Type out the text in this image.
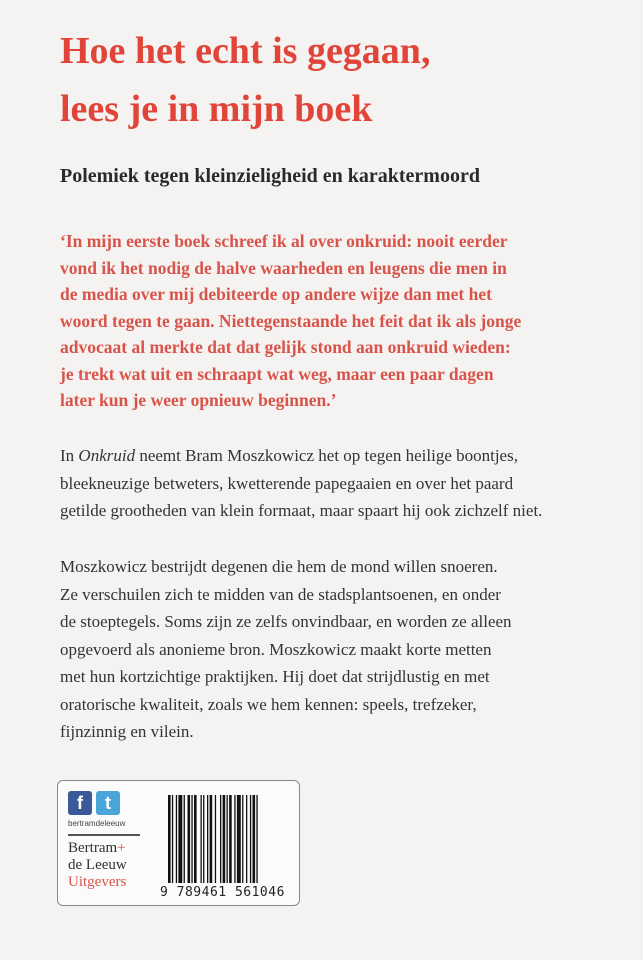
Hoe het echt is gegaan,
lees je in mijn boek
Polemiek tegen kleinzieligheid en karaktermoord
‘In mijn eerste boek schreef ik al over onkruid: nooit eerder
vond ik het nodig de halve waarheden en leugens die men in
de media over mij debiteerde op andere wijze dan met het
woord tegen te gaan. Niettegenstaande het feit dat ik als jonge
advocaat al merkte dat dat gelijk stond aan onkruid wieden:
je trekt wat uit en schraapt wat weg, maar een paar dagen
later kun je weer opnieuw beginnen.’
In Onkruid neemt Bram Moszkowicz het op tegen heilige boontjes,
bleekneuzige betweters, kwetterende papegaaien en over het paard
getilde grootheden van klein formaat, maar spaart hij ook zichzelf niet.
Moszkowicz bestrijdt degenen die hem de mond willen snoeren.
Ze verschuilen zich te midden van de stadsplantsoenen, en onder
de stoeptegels. Soms zijn ze zelfs onvindbaar, en worden ze alleen
opgevoerd als anonieme bron. Moszkowicz maakt korte metten
met hun kortzichtige praktijken. Hij doet dat strijdlustig en met
oratorische kwaliteit, zoals we hem kennen: speels, trefzeker,
fijnzinnig en vilein.
f	t
bertramdeleeuw
Bertram+
de Leeuw
Uitgevers
9 789461 561046
